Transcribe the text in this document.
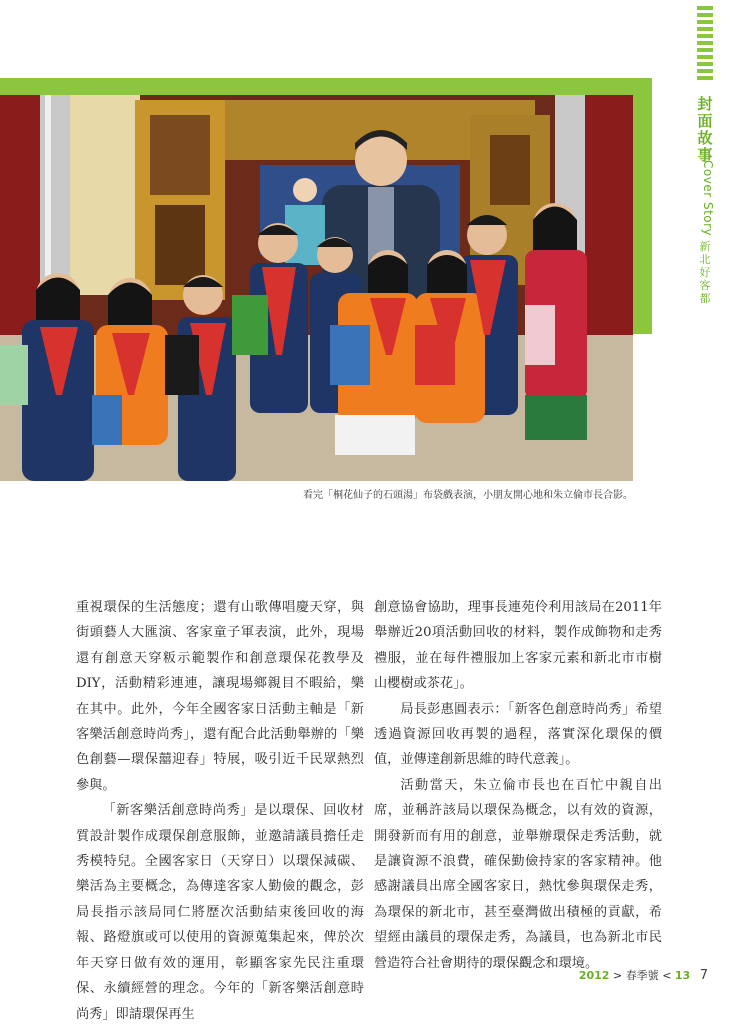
封面故事
Cover Story
新北好客都
看完「桐花仙子的石頭湯」布袋戲表演，小朋友開心地和朱立倫市長合影。

重視環保的生活態度；還有山歌傳唱慶天穿，與街頭藝人大匯演、客家童子軍表演，此外，現場還有創意天穿粄示範製作和創意環保花教學及DIY，活動精彩連連，讓現場鄉親目不暇給，樂在其中。此外，今年全國客家日活動主軸是「新客樂活創意時尚秀」，還有配合此活動舉辦的「樂色創藝—環保囍迎春」特展，吸引近千民眾熱烈參與。

「新客樂活創意時尚秀」是以環保、回收材質設計製作成環保創意服飾，並邀請議員擔任走秀模特兒。全國客家日（天穿日）以環保減碳、樂活為主要概念，為傳達客家人勤儉的觀念，彭局長指示該局同仁將歷次活動結束後回收的海報、路燈旗或可以使用的資源蒐集起來，俾於次年天穿日做有效的運用，彰顯客家先民注重環保、永續經營的理念。今年的「新客樂活創意時尚秀」即請環保再生

創意協會協助，理事長連苑伶利用該局在2011年舉辦近20項活動回收的材料，製作成飾物和走秀禮服，並在每件禮服加上客家元素和新北市市樹山櫻樹或茶花」。

局長彭惠圓表示：「新客色創意時尚秀」希望透過資源回收再製的過程，落實深化環保的價值，並傳達創新思維的時代意義」。

活動當天，朱立倫市長也在百忙中親自出席，並稱許該局以環保為概念，以有效的資源，開發新而有用的創意，並舉辦環保走秀活動，就是讓資源不浪費，確保勤儉持家的客家精神。他感謝議員出席全國客家日，熱忱參與環保走秀，為環保的新北市，甚至臺灣做出積極的貢獻，希望經由議員的環保走秀，為議員，也為新北市民營造符合社會期待的環保觀念和環境。

2012 > 春季號 < 13 7
